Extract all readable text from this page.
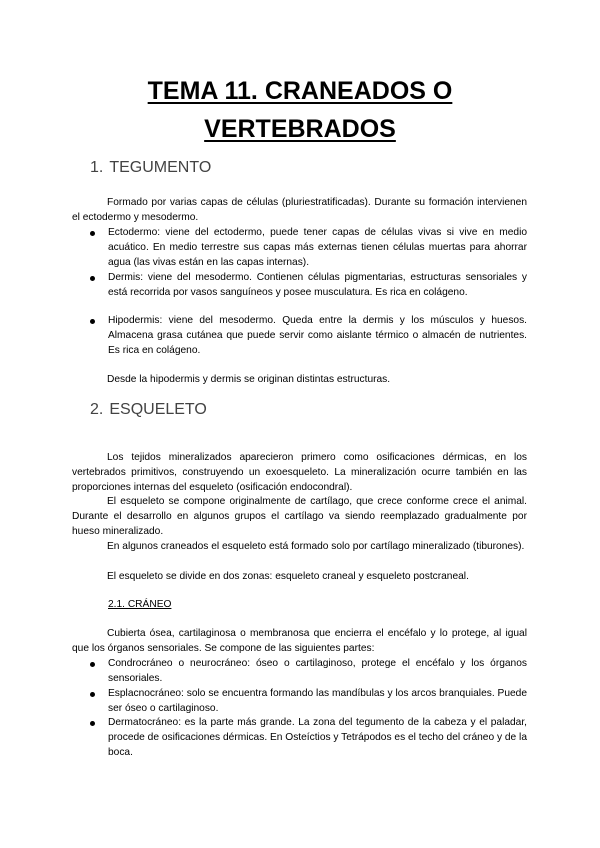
TEMA 11. CRANEADOS O
VERTEBRADOS
1. TEGUMENTO
Formado por varias capas de células (pluriestratificadas). Durante su formación intervienen el ectodermo y mesodermo.
Ectodermo: viene del ectodermo, puede tener capas de células vivas si vive en medio acuático. En medio terrestre sus capas más externas tienen células muertas para ahorrar agua (las vivas están en las capas internas).
Dermis: viene del mesodermo. Contienen células pigmentarias, estructuras sensoriales y está recorrida por vasos sanguíneos y posee musculatura. Es rica en colágeno.
Hipodermis: viene del mesodermo. Queda entre la dermis y los músculos y huesos. Almacena grasa cutánea que puede servir como aislante térmico o almacén de nutrientes. Es rica en colágeno.
Desde la hipodermis y dermis se originan distintas estructuras.
2. ESQUELETO
Los tejidos mineralizados aparecieron primero como osificaciones dérmicas, en los vertebrados primitivos, construyendo un exoesqueleto. La mineralización ocurre también en las proporciones internas del esqueleto (osificación endocondral).
El esqueleto se compone originalmente de cartílago, que crece conforme crece el animal. Durante el desarrollo en algunos grupos el cartílago va siendo reemplazado gradualmente por hueso mineralizado.
En algunos craneados el esqueleto está formado solo por cartílago mineralizado (tiburones).
El esqueleto se divide en dos zonas: esqueleto craneal y esqueleto postcraneal.
2.1. CRÁNEO
Cubierta ósea, cartilaginosa o membranosa que encierra el encéfalo y lo protege, al igual que los órganos sensoriales. Se compone de las siguientes partes:
Condrocráneo o neurocráneo: óseo o cartilaginoso, protege el encéfalo y los órganos sensoriales.
Esplacnocráneo: solo se encuentra formando las mandíbulas y los arcos branquiales. Puede ser óseo o cartilaginoso.
Dermatocráneo: es la parte más grande. La zona del tegumento de la cabeza y el paladar, procede de osificaciones dérmicas. En Osteíctios y Tetrápodos es el techo del cráneo y de la boca.
